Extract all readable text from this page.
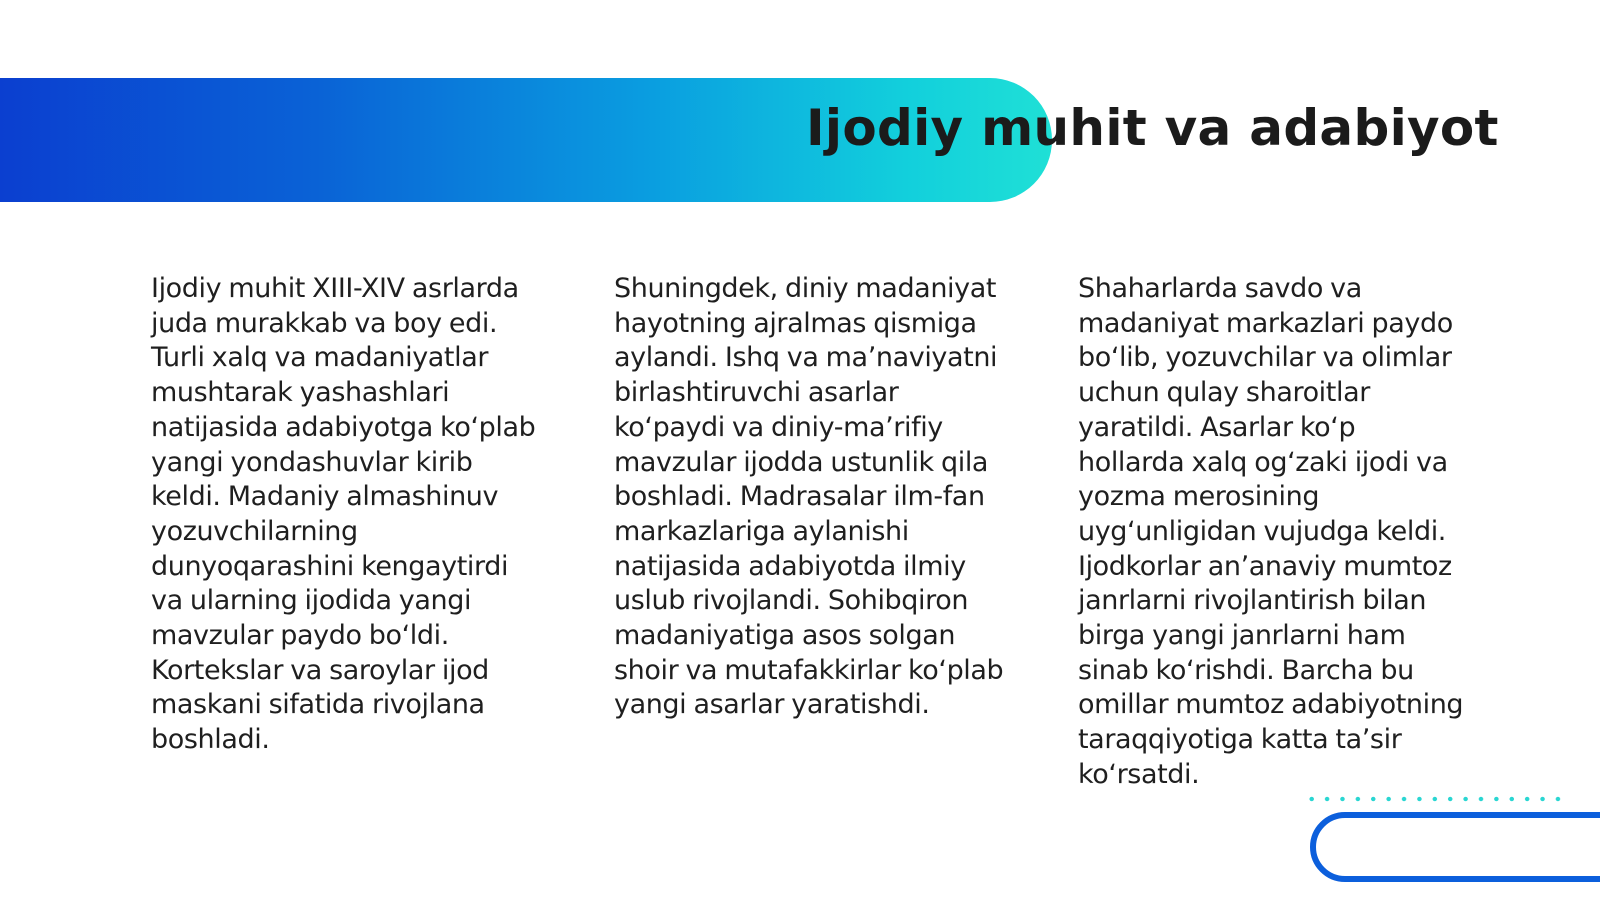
Ijodiy muhit va adabiyot

Ijodiy muhit XIII-XIV asrlarda juda murakkab va boy edi. Turli xalq va madaniyatlar mushtarak yashashlari natijasida adabiyotga koʻplab yangi yondashuvlar kirib keldi. Madaniy almashinuv yozuvchilarning dunyoqarashini kengaytirdi va ularning ijodida yangi mavzular paydo boʻldi. Kortekslar va saroylar ijod maskani sifatida rivojlana boshladi.

Shuningdek, diniy madaniyat hayotning ajralmas qismiga aylandi. Ishq va maʼnaviyatni birlashtiruvchi asarlar koʻpaydi va diniy-maʼrifiy mavzular ijodda ustunlik qila boshladi. Madrasalar ilm-fan markazlariga aylanishi natijasida adabiyotda ilmiy uslub rivojlandi. Sohibqiron madaniyatiga asos solgan shoir va mutafakkirlar koʻplab yangi asarlar yaratishdi.

Shaharlarda savdo va madaniyat markazlari paydo boʻlib, yozuvchilar va olimlar uchun qulay sharoitlar yaratildi. Asarlar koʻp hollarda xalq ogʻzaki ijodi va yozma merosining uygʻunligidan vujudga keldi. Ijodkorlar anʼanaviy mumtoz janrlarni rivojlantirish bilan birga yangi janrlarni ham sinab koʻrishdi. Barcha bu omillar mumtoz adabiyotning taraqqiyotiga katta taʼsir koʻrsatdi.
